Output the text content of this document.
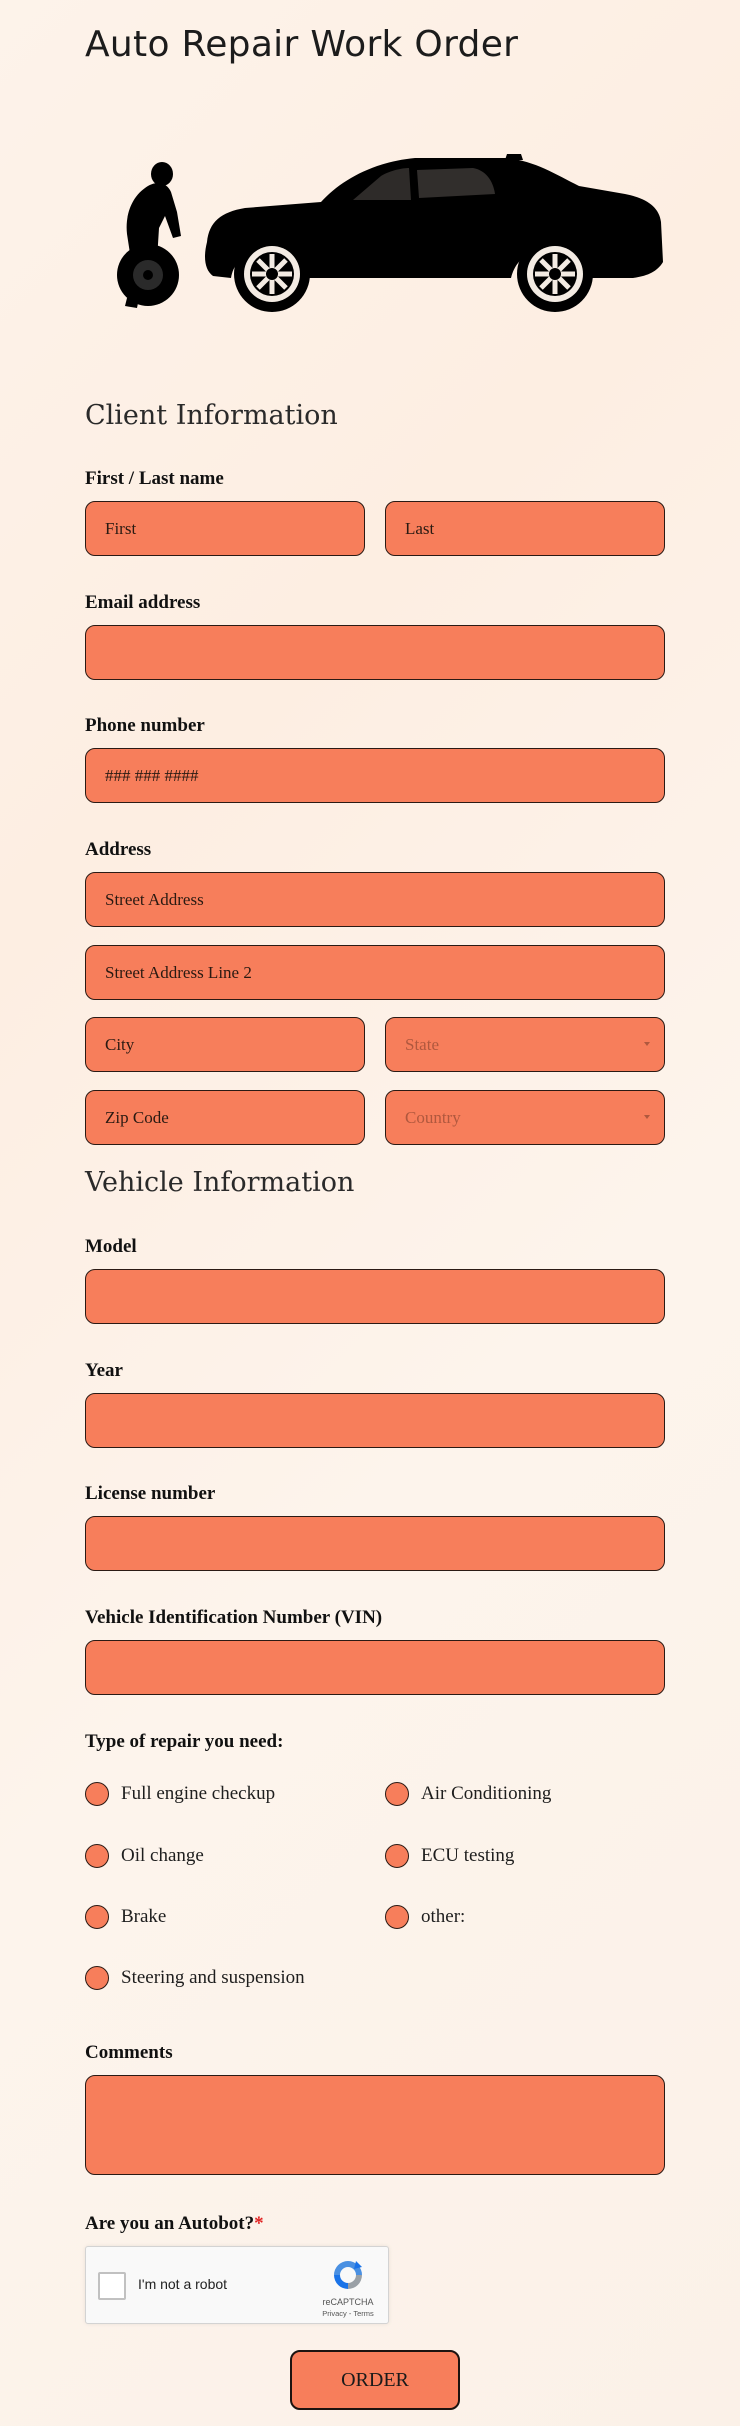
Auto Repair Work Order
Client Information
First / Last name
First	Last
Email address
Phone number
### ### ####
Address
Street Address
Street Address Line 2
City	State
Zip Code	Country
Vehicle Information
Model
Year
License number
Vehicle Identification Number (VIN)
Type of repair you need:
Full engine checkup	Air Conditioning
Oil change	ECU testing
Brake	other:
Steering and suspension
Comments
Are you an Autobot?*
I'm not a robot
reCAPTCHA
Privacy - Terms
ORDER
